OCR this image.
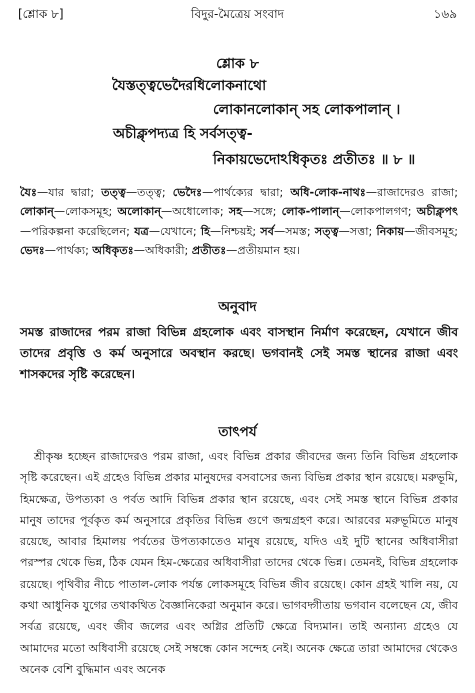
[শ্লোক ৮]	বিদুর-মৈত্রেয় সংবাদ	১৬৯
শ্লোক ৮
যৈস্তত্ত্বভেদৈরধিলোকনাথো
লোকানলোকান্ সহ লোকপালান্ ।
অচীক্লৃপদ্যত্র হি সর্বসত্ত্ব-
নিকায়ভেদোঽধিকৃতঃ প্রতীতঃ ॥ ৮ ॥
যৈঃ—যার দ্বারা; তত্ত্ব—তত্ত্ব; ভেদৈঃ—পার্থক্যের দ্বারা; অধি-লোক-নাথঃ—রাজাদেরও রাজা; লোকান্—লোকসমূহ; অলোকান্—অধোলোক; সহ—সঙ্গে; লোক-পালান্—লোকপালগণ; অচীক্লৃপৎ—পরিকল্পনা করেছিলেন; যত্র—যেখানে; হি—নিশ্চয়ই; সর্ব—সমস্ত; সত্ত্ব—সত্তা; নিকায়—জীবসমূহ; ভেদঃ—পার্থক্য; অধিকৃতঃ—অধিকারী; প্রতীতঃ—প্রতীয়মান হয়।
অনুবাদ
সমস্ত রাজাদের পরম রাজা বিভিন্ন গ্রহলোক এবং বাসস্থান নির্মাণ করেছেন, যেখানে জীব তাদের প্রবৃত্তি ও কর্ম অনুসারে অবস্থান করছে। ভগবানই সেই সমস্ত স্থানের রাজা এবং শাসকদের সৃষ্টি করেছেন।
তাৎপর্য

শ্রীকৃষ্ণ হচ্ছেন রাজাদেরও পরম রাজা, এবং বিভিন্ন প্রকার জীবদের জন্য তিনি বিভিন্ন গ্রহলোক সৃষ্টি করেছেন। এই গ্রহেও বিভিন্ন প্রকার মানুষদের বসবাসের জন্য বিভিন্ন প্রকার স্থান রয়েছে। মরুভূমি, হিমক্ষেত্র, উপত্যকা ও পর্বত আদি বিভিন্ন প্রকার স্থান রয়েছে, এবং সেই সমস্ত স্থানে বিভিন্ন প্রকার মানুষ তাদের পূর্বকৃত কর্ম অনুসারে প্রকৃতির বিভিন্ন গুণে জন্মগ্রহণ করে। আরবের মরুভূমিতে মানুষ রয়েছে, আবার হিমালয় পর্বতের উপত্যকাতেও মানুষ রয়েছে, যদিও এই দুটি স্থানের অধিবাসীরা পরস্পর থেকে ভিন্ন, ঠিক যেমন হিম-ক্ষেত্রের অধিবাসীরা তাদের থেকে ভিন্ন। তেমনই, বিভিন্ন গ্রহলোক রয়েছে। পৃথিবীর নীচে পাতাল-লোক পর্যন্ত লোকসমূহে বিভিন্ন জীব রয়েছে। কোন গ্রহই খালি নয়, যে কথা আধুনিক যুগের তথাকথিত বৈজ্ঞানিকেরা অনুমান করে। ভাগবদ্গীতায় ভগবান বলেছেন যে, জীব সর্বত্র রয়েছে, এবং জীব জলের এবং অগ্নির প্রতিটি ক্ষেত্রে বিদ্যমান। তাই অন্যান্য গ্রহেও যে আমাদের মতো অধিবাসী রয়েছে সেই সম্বন্ধে কোন সন্দেহ নেই। অনেক ক্ষেত্রে তারা আমাদের থেকেও অনেক বেশি বুদ্ধিমান এবং অনেক
